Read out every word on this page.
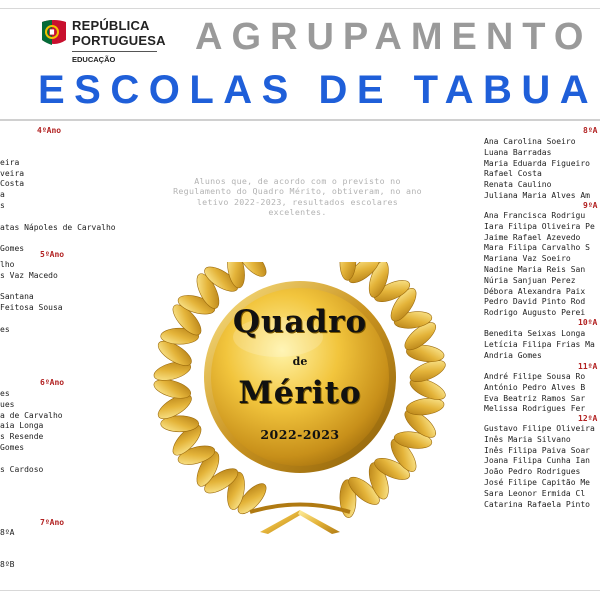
REPÚBLICA
PORTUGUESA
EDUCAÇÃO
AGRUPAMENTO
ESCOLAS DE TABUA
4ºAno
eira
veira
Costa
a
s
atas Nápoles de Carvalho
Gomes
5ºAno
lho
s Vaz Macedo
Santana
Feitosa Sousa
es
6ºAno
es
ues
a de Carvalho
aia Longa
s Resende
Gomes
s Cardoso
7ºAno
8ºA
8ºB
Alunos que, de acordo com o previsto no Regulamento do Quadro Mérito, obtiveram, no ano letivo 2022-2023, resultados escolares excelentes.
Quadro
de
Mérito
2022-2023
8ºA
Ana Carolina Soeiro
Luana Barradas
Maria Eduarda Figueiro
Rafael Costa
Renata Caulino
Juliana Maria Alves Am
9ºA
Ana Francisca Rodrigu
Iara Filipa Oliveira Pe
Jaime Rafael Azevedo
Mara Filipa Carvalho S
Mariana Vaz Soeiro
Nadine Maria Reis San
Núria Sanjuan Perez
Débora Alexandra Paix
Pedro David Pinto Rod
Rodrigo Augusto Perei
10ºA
Benedita Seixas Longa
Letícia Filipa Frias Ma
Andria Gomes
11ºA
André Filipe Sousa Ro
António Pedro Alves B
Eva Beatriz Ramos Sar
Melissa Rodrigues Fer
12ºA
Gustavo Filipe Oliveira
Inês Maria Silvano
Inês Filipa Paiva Soar
Joana Filipa Cunha Ian
João Pedro Rodrigues
José Filipe Capitão Me
Sara Leonor Ermida Cl
Catarina Rafaela Pinto
